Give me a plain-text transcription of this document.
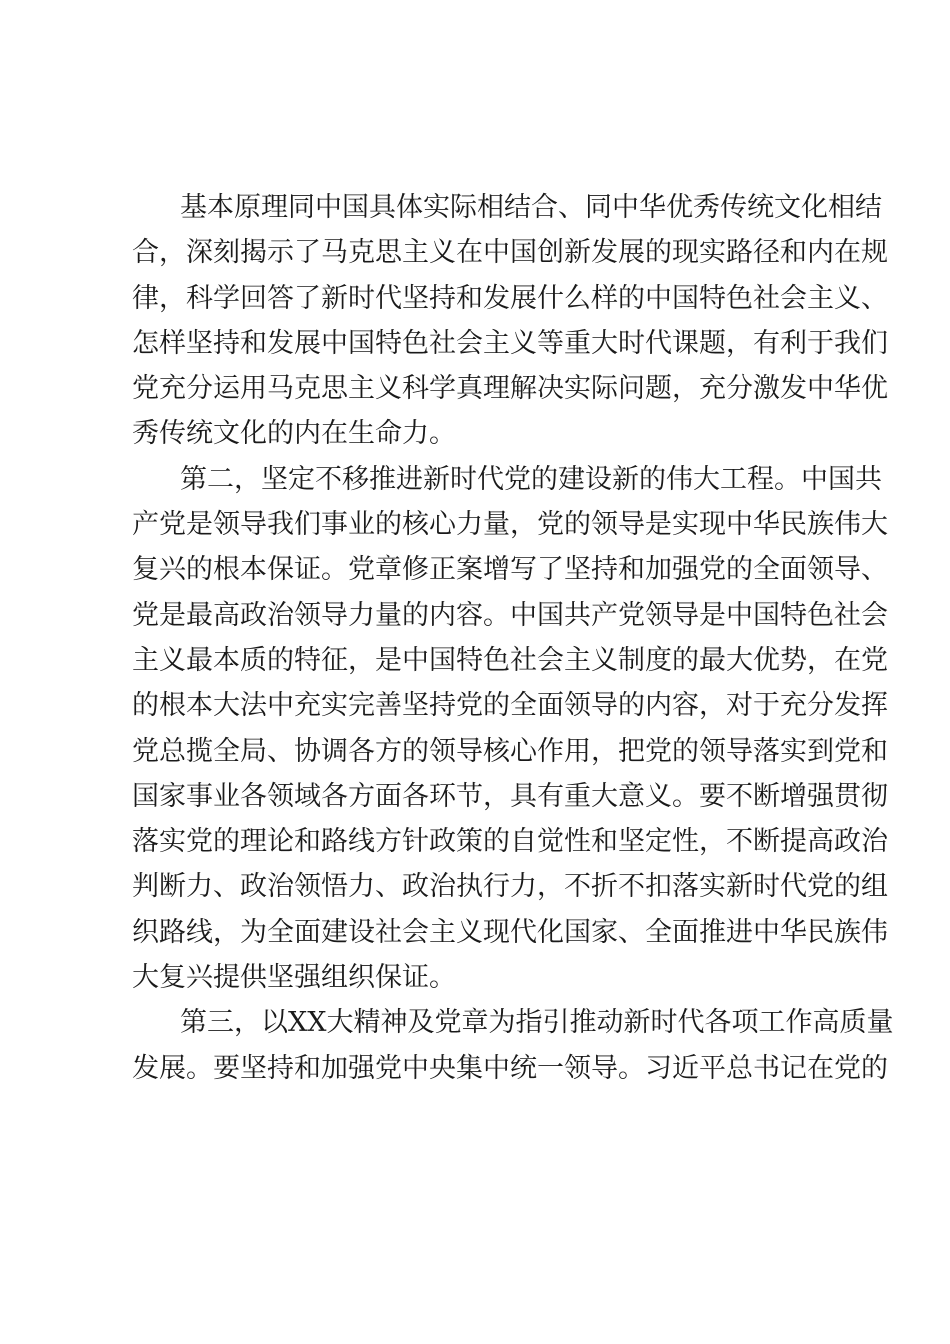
基本原理同中国具体实际相结合、同中华优秀传统文化相结
合，深刻揭示了马克思主义在中国创新发展的现实路径和内在规
律，科学回答了新时代坚持和发展什么样的中国特色社会主义、
怎样坚持和发展中国特色社会主义等重大时代课题，有利于我们
党充分运用马克思主义科学真理解决实际问题，充分激发中华优
秀传统文化的内在生命力。
第二，坚定不移推进新时代党的建设新的伟大工程。中国共
产党是领导我们事业的核心力量，党的领导是实现中华民族伟大
复兴的根本保证。党章修正案增写了坚持和加强党的全面领导、
党是最高政治领导力量的内容。中国共产党领导是中国特色社会
主义最本质的特征，是中国特色社会主义制度的最大优势，在党
的根本大法中充实完善坚持党的全面领导的内容，对于充分发挥
党总揽全局、协调各方的领导核心作用，把党的领导落实到党和
国家事业各领域各方面各环节，具有重大意义。要不断增强贯彻
落实党的理论和路线方针政策的自觉性和坚定性，不断提高政治
判断力、政治领悟力、政治执行力，不折不扣落实新时代党的组
织路线，为全面建设社会主义现代化国家、全面推进中华民族伟
大复兴提供坚强组织保证。
第三，以XX大精神及党章为指引推动新时代各项工作高质量
发展。要坚持和加强党中央集中统一领导。习近平总书记在党的
